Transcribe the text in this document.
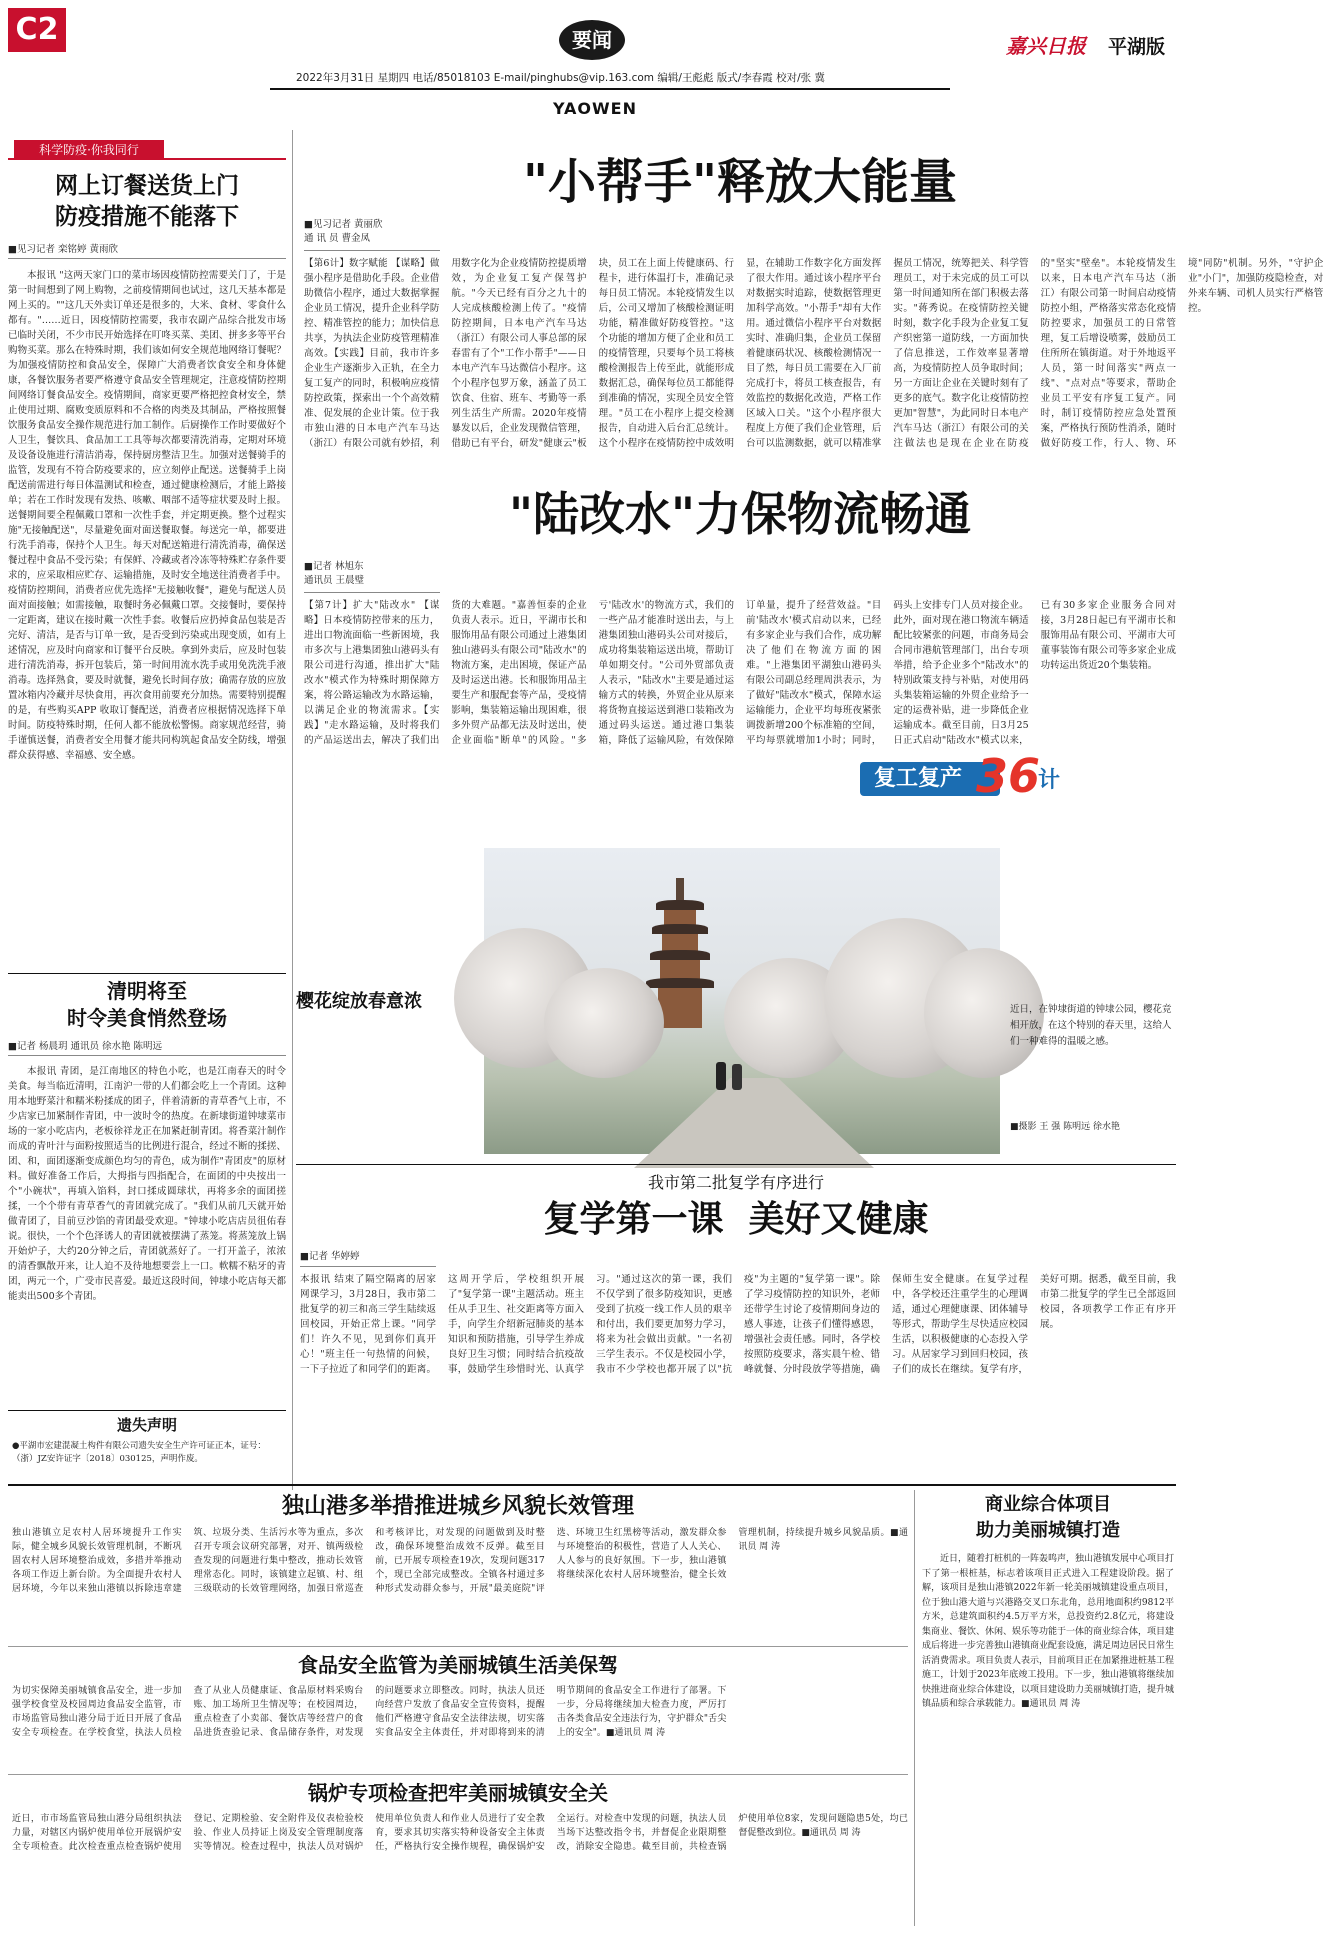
C2	要闻	嘉兴日报	平湖版
2022年3月31日 星期四 电话/85018103 E-mail/pinghubs@vip.163.com 编辑/王彪彪 版式/李春霞 校对/张 冀
YAOWEN
科学防疫·你我同行
网上订餐送货上门
防疫措施不能落下
■见习记者 栾铭婷 黄雨欣
本报讯 "这两天家门口的菜市场因疫情防控需要关门了，于是第一时间想到了网上购物，之前疫情期间也试过，这几天基本都是网上买的。""这几天外卖订单还是很多的，大米、食材、零食什么都有。"……近日，因疫情防控需要，我市农副产品综合批发市场已临时关闭，不少市民开始选择在叮咚买菜、美团、拼多多等平台购物买菜。那么在特殊时期，我们该如何安全规范地网络订餐呢？为加强疫情防控和食品安全，保障广大消费者饮食安全和身体健康，各餐饮服务者要严格遵守食品安全管理规定，注意疫情防控期间网络订餐食品安全。疫情期间，商家更要严格把控食材安全，禁止使用过期、腐败变质原料和不合格的肉类及其制品，严格按照餐饮服务食品安全操作规范进行加工制作。后厨操作工作时要做好个人卫生，餐饮具、食品加工工具等每次都要清洗消毒，定期对环境及设备设施进行清洁消毒，保持厨房整洁卫生。加强对送餐骑手的监管，发现有不符合防疫要求的，应立刻停止配送。送餐骑手上岗配送前需进行每日体温测试和检查，通过健康检测后，才能上路接单；若在工作时发现有发热、咳嗽、咽部不适等症状要及时上报。送餐期间要全程佩戴口罩和一次性手套，并定期更换。整个过程实施"无接触配送"，尽量避免面对面送餐取餐。每送完一单，都要进行洗手消毒，保持个人卫生。每天对配送箱进行清洗消毒，确保送餐过程中食品不受污染；有保鲜、冷藏或者冷冻等特殊贮存条件要求的，应采取相应贮存、运输措施，及时安全地送往消费者手中。疫情防控期间，消费者应优先选择"无接触收餐"，避免与配送人员面对面接触；如需接触，取餐时务必佩戴口罩。交接餐时，要保持一定距离，建议在接时戴一次性手套。收餐后应扔掉食品包装是否完好、清洁，是否与订单一致，是否受到污染或出现变质，如有上述情况，应及时向商家和订餐平台反映。拿到外卖后，应及时包装进行清洗消毒，拆开包装后，第一时间用流水洗手或用免洗洗手液消毒。选择熟食，要及时就餐，避免长时间存放；确需存放的应放置冰箱内冷藏并尽快食用，再次食用前要充分加热。需要特别提醒的是，有些购买APP 收取订餐配送，消费者应根据情况选择下单时间。防疫特殊时期，任何人都不能放松警惕。商家规范经营，骑手谨慎送餐，消费者安全用餐才能共同构筑起食品安全防线，增强群众获得感、幸福感、安全感。
清明将至
时令美食悄然登场
■记者 杨晨玥 通讯员 徐水艳 陈明远
本报讯 青团，是江南地区的特色小吃，也是江南春天的时令美食。每当临近清明，江南沪一带的人们都会吃上一个青团。这种用本地野菜汁和糯米粉揉成的团子，伴着清新的青草香气上市，不少店家已加紧制作青团，中一波时令的热度。在新埭街道钟埭菜市场的一家小吃店内，老板徐祥龙正在加紧赶制青团。将香菜汁制作而成的青叶汁与面粉按照适当的比例进行混合，经过不断的揉搓、团、和，面团逐渐变成颜色均匀的青色，成为制作"青团皮"的原材料。做好准备工作后，大拇指与四指配合，在面团的中央按出一个"小碗状"，再填入馅料，封口揉成圆球状，再将多余的面团搓揉，一个个带有青草香气的青团就完成了。"我们从前几天就开始做青团了，目前豆沙馅的青团最受欢迎。"钟埭小吃店店员徂佑春说。很快，一个个色泽诱人的青团就被摆满了蒸笼。将蒸笼放上锅开始炉子，大约20分钟之后，青团就蒸好了。一打开盖子，浓浓的清香飘散开来，让人迫不及待地想要尝上一口。軟糯不粘牙的青团，两元一个，广受市民喜爱。最近这段时间，钟埭小吃店每天都能卖出500多个青团。
遗失声明
●平湖市宏建混凝土构件有限公司遗失安全生产许可证正本，证号：（浙）JZ安许证字〔2018〕030125，声明作废。
"小帮手"释放大能量
■见习记者 黄丽欣
通 讯 员 曹金凤
【第6计】数字赋能 【谋略】做强小程序是借助化手段。企业借助微信小程序，通过大数据掌握企业员工情况，提升企业科学防控、精准管控的能力；加快信息共享，为执法企业防疫管理精准高效。【实践】目前，我市许多企业生产逐渐步入正轨，在全力复工复产的同时，积极响应疫情防控政策，探索出一个个高效精准、促发展的企业计策。位于我市独山港的日本电产汽车马达（浙江）有限公司就有妙招，利用数字化为企业疫情防控提质增效，为企业复工复产保驾护航。"今天已经有百分之九十的人完成核酸检测上传了。"疫情防控期间，日本电产汽车马达（浙江）有限公司人事总部的尿春雷有了个"工作小帮手"——日本电产汽车马达微信小程序。这个小程序包罗万象，涵盖了员工饮食、住宿、班车、考勤等一系列生活生产所需。2020年疫情暴发以后，企业发现微信管理，借助已有平台，研发"健康云"板块，员工在上面上传健康码、行程卡，进行体温打卡，准确记录每日员工情况。本轮疫情发生以后，公司又增加了核酸检测证明功能，精准做好防疫管控。"这个功能的增加方便了企业和员工的疫情管理，只要每个员工将核酸检测报告上传至此，就能形成数据汇总，确保每位员工都能得到准确的情况，实现全员安全管理。"员工在小程序上提交检测报告，自动进入后台汇总统计。这个小程序在疫情防控中成效明显，在辅助工作数字化方面发挥了很大作用。通过该小程序平台对数据实时追踪，使数据管理更加科学高效。"小帮手"却有大作用。通过微信小程序平台对数据实时、准确归集，企业员工保留着健康码状况、核酸检测情况一目了然，每日员工需要在入厂前完成打卡，将员工核查报告，有效监控的数据化改造，严格工作区域入口关。"这个小程序很大程度上方便了我们企业管理，后台可以监测数据，就可以精准掌握员工情况，统筹把关、科学管理员工，对于未完成的员工可以第一时间通知所在部门积极去落实。"蒋秀说。在疫情防控关键时刻，数字化手段为企业复工复产织密第一道防线，一方面加快了信息推送，工作效率显著增高，为疫情防控人员争取时间；另一方面让企业在关键时刻有了更多的底气。数字化让疫情防控更加"智慧"，为此同时日本电产汽车马达（浙江）有限公司的关注做法也是现在企业在防疫的"坚实"壁垒"。本轮疫情发生以来，日本电产汽车马达（浙江）有限公司第一时间启动疫情防控小组，严格落实常态化疫情防控要求，加强员工的日常管理，复工后增设喷雾，鼓励员工住所所在镇街道。对于外地返平人员，第一时间落实"两点一线"、"点对点"等要求，帮助企业员工平安有序复工复产。同时，制订疫情防控应急处置预案，严格执行预防性消杀，随时做好防疫工作，行人、物、环境"同防"机制。另外，"守护企业"小门"，加强防疫隐检查，对外来车辆、司机人员实行严格管控。
"陆改水"力保物流畅通
■记者 林旭东
通讯员 王晨璧
【第7计】扩大"陆改水" 【谋略】日本疫情防控带来的压力，进出口物流面临一些新困境，我市多次与上港集团独山港码头有限公司进行沟通，推出扩大"陆改水"模式作为特殊时期保障方案，将公路运输改为水路运输，以满足企业的物流需求。【实践】"走水路运输，及时将我们的产品运送出去，解决了我们出货的大难题。"嘉善恒泰的企业负责人表示。近日，平湖市长和服饰用品有限公司通过上港集团独山港码头有限公司"陆改水"的物流方案，走出困境，保证产品及时运送出港。长和服饰用品主要生产和服配套等产品，受疫情影响，集装箱运输出现困难，很多外贸产品都无法及时送出，使企业面临"断单"的风险。"多亏'陆改水'的物流方式，我们的一些产品才能准时送出去，与上港集团独山港码头公司对接后，成功将集装箱运送出境，帮助订单如期交付。"公司外贸部负责人表示，"陆改水"主要是通过运输方式的转换，外贸企业从原来将货物直接运送到港口装箱改为通过码头运送。通过港口集装箱，降低了运输风险，有效保障订单量，提升了经营效益。"目前'陆改水'模式启动以来，已经有多家企业与我们合作，成功解决了他们在物流方面的困难。"上港集团平湖独山港码头有限公司副总经理周洪表示，为了做好"陆改水"模式，保障水运运输能力，企业平均每班夜紧张调拨新增200个标准箱的空间，平均每票就增加1小时；同时，码头上安排专门人员对接企业。此外，面对现在港口物流车辆适配比较紧张的问题，市商务局会合同市港航管理部门，出台专项举措，给予企业多个"陆改水"的特别政策支持与补贴，对使用码头集装箱运输的外贸企业给予一定的运费补贴，进一步降低企业运输成本。截至目前，日3月25日正式启动"陆改水"模式以来，已有30多家企业服务合同对接，3月28日起已有平湖市长和服饰用品有限公司、平湖市大可董事装饰有限公司等多家企业成功转运出货近20个集装箱。
复工复产 36
计
樱花绽放春意浓	近日，在钟埭街道的钟埭公园，樱花竞相开放，在这个特别的春天里，这给人们一种难得的温暖之感。
■摄影 王 强 陈明远 徐水艳
我市第二批复学有序进行
复学第一课  美好又健康
■记者 华婷婷
本报讯 结束了隔空隔离的居家网课学习，3月28日，我市第二批复学的初三和高三学生陆续返回校园，开始正常上课。"同学们！许久不见，见到你们真开心！"班主任一句热情的问候，一下子拉近了和同学们的距离。这周开学后，学校组织开展了"复学第一课"主题活动。班主任从手卫生、社交距离等方面入手，向学生介绍新冠肺炎的基本知识和预防措施，引导学生养成良好卫生习惯；同时结合抗疫故事，鼓励学生珍惜时光、认真学习。"通过这次的第一课，我们不仅学到了很多防疫知识，更感受到了抗疫一线工作人员的艰辛和付出，我们要更加努力学习，将来为社会做出贡献。"一名初三学生表示。不仅是校园小学，我市不少学校也都开展了以"抗疫"为主题的"复学第一课"。除了学习疫情防控的知识外，老师还带学生讨论了疫情期间身边的感人事迹，让孩子们懂得感恩，增强社会责任感。同时，各学校按照防疫要求，落实晨午检、错峰就餐、分时段放学等措施，确保师生安全健康。在复学过程中，各学校还注重学生的心理调适，通过心理健康课、团体辅导等形式，帮助学生尽快适应校园生活，以积极健康的心态投入学习。从居家学习到回归校园，孩子们的成长在继续。复学有序，美好可期。据悉，截至目前，我市第二批复学的学生已全部返回校园，各项教学工作正有序开展。
独山港多举措推进城乡风貌长效管理
独山港镇立足农村人居环境提升工作实际，健全城乡风貌长效管理机制，不断巩固农村人居环境整治成效，多措并举推动各项工作迈上新台阶。为全面提升农村人居环境，今年以来独山港镇以拆除违章建筑、垃圾分类、生活污水等为重点，多次召开专项会议研究部署，对开、镇两级检查发现的问题进行集中整改，推动长效管理常态化。同时，该镇建立起镇、村、组三级联动的长效管理网络，加强日常巡查和考核评比，对发现的问题做到及时整改，确保环境整治成效不反弹。截至目前，已开展专项检查19次，发现问题317个，现已全部完成整改。全镇各村通过多种形式发动群众参与，开展"最美庭院"评选、环境卫生红黑榜等活动，激发群众参与环境整治的积极性，营造了人人关心、人人参与的良好氛围。下一步，独山港镇将继续深化农村人居环境整治，健全长效管理机制，持续提升城乡风貌品质。■通讯员 周 涛
食品安全监管为美丽城镇生活美保驾
为切实保障美丽城镇食品安全，进一步加强学校食堂及校园周边食品安全监管，市市场监管局独山港分局于近日开展了食品安全专项检查。在学校食堂，执法人员检查了从业人员健康证、食品原材料采购台账、加工场所卫生情况等；在校园周边，重点检查了小卖部、餐饮店等经营户的食品进货查验记录、食品储存条件，对发现的问题要求立即整改。同时，执法人员还向经营户发放了食品安全宣传资料，提醒他们严格遵守食品安全法律法规，切实落实食品安全主体责任，并对即将到来的清明节期间的食品安全工作进行了部署。下一步，分局将继续加大检查力度，严厉打击各类食品安全违法行为，守护群众"舌尖上的安全"。■通讯员 周 涛
锅炉专项检查把牢美丽城镇安全关
近日，市市场监管局独山港分局组织执法力量，对辖区内锅炉使用单位开展锅炉安全专项检查。此次检查重点检查锅炉使用登记、定期检验、安全附件及仪表检验校验、作业人员持证上岗及安全管理制度落实等情况。检查过程中，执法人员对锅炉使用单位负责人和作业人员进行了安全教育，要求其切实落实特种设备安全主体责任，严格执行安全操作规程，确保锅炉安全运行。对检查中发现的问题，执法人员当场下达整改指令书，并督促企业限期整改，消除安全隐患。截至目前，共检查锅炉使用单位8家，发现问题隐患5处，均已督促整改到位。■通讯员 周 涛
商业综合体项目
助力美丽城镇打造
近日，随着打桩机的一阵轰鸣声，独山港镇发展中心项目打下了第一根桩基，标志着该项目正式进入工程建设阶段。据了解，该项目是独山港镇2022年新一轮美丽城镇建设重点项目，位于独山港大道与兴港路交叉口东北角，总用地面积约9812平方米，总建筑面积约4.5万平方米，总投资约2.8亿元，将建设集商业、餐饮、休闲、娱乐等功能于一体的商业综合体，项目建成后将进一步完善独山港镇商业配套设施，满足周边居民日常生活消费需求。项目负责人表示，目前项目正在加紧推进桩基工程施工，计划于2023年底竣工投用。下一步，独山港镇将继续加快推进商业综合体建设，以项目建设助力美丽城镇打造，提升城镇品质和综合承载能力。■通讯员 周 涛
